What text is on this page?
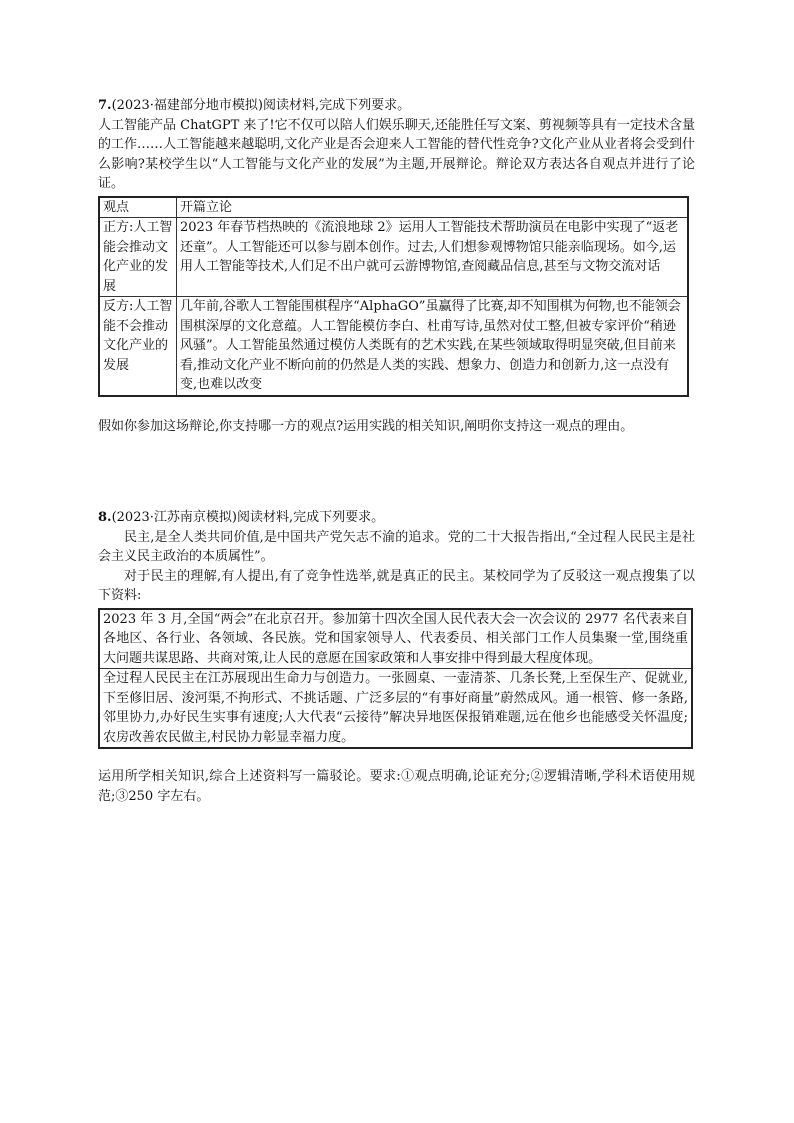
7.(2023·福建部分地市模拟)阅读材料,完成下列要求。
人工智能产品 ChatGPT 来了!它不仅可以陪人们娱乐聊天,还能胜任写文案、剪视频等具有一定技术含量的工作……人工智能越来越聪明,文化产业是否会迎来人工智能的替代性竞争?文化产业从业者将会受到什么影响?某校学生以“人工智能与文化产业的发展”为主题,开展辩论。辩论双方表达各自观点并进行了论证。
观点	开篇立论
正方:人工智能会推动文化产业的发展	2023 年春节档热映的《流浪地球 2》运用人工智能技术帮助演员在电影中实现了“返老还童”。人工智能还可以参与剧本创作。过去,人们想参观博物馆只能亲临现场。如今,运用人工智能等技术,人们足不出户就可云游博物馆,查阅藏品信息,甚至与文物交流对话
反方:人工智能不会推动文化产业的发展	几年前,谷歌人工智能围棋程序“AlphaGO”虽赢得了比赛,却不知围棋为何物,也不能领会围棋深厚的文化意蕴。人工智能模仿李白、杜甫写诗,虽然对仗工整,但被专家评价“稍逊风骚”。人工智能虽然通过模仿人类既有的艺术实践,在某些领域取得明显突破,但目前来看,推动文化产业不断向前的仍然是人类的实践、想象力、创造力和创新力,这一点没有变,也难以改变
假如你参加这场辩论,你支持哪一方的观点?运用实践的相关知识,阐明你支持这一观点的理由。
8.(2023·江苏南京模拟)阅读材料,完成下列要求。
民主,是全人类共同价值,是中国共产党矢志不渝的追求。党的二十大报告指出,“全过程人民民主是社会主义民主政治的本质属性”。
对于民主的理解,有人提出,有了竞争性选举,就是真正的民主。某校同学为了反驳这一观点搜集了以下资料:
2023 年 3 月,全国“两会”在北京召开。参加第十四次全国人民代表大会一次会议的 2977 名代表来自各地区、各行业、各领域、各民族。党和国家领导人、代表委员、相关部门工作人员集聚一堂,围绕重大问题共谋思路、共商对策,让人民的意愿在国家政策和人事安排中得到最大程度体现。
全过程人民民主在江苏展现出生命力与创造力。一张圆桌、一壶清茶、几条长凳,上至保生产、促就业,下至修旧居、浚河渠,不拘形式、不挑话题、广泛多层的“有事好商量”蔚然成风。通一根管、修一条路,邻里协力,办好民生实事有速度;人大代表“云接待”解决异地医保报销难题,远在他乡也能感受关怀温度;农房改善农民做主,村民协力彰显幸福力度。
运用所学相关知识,综合上述资料写一篇驳论。要求:①观点明确,论证充分;②逻辑清晰,学科术语使用规范;③250 字左右。
